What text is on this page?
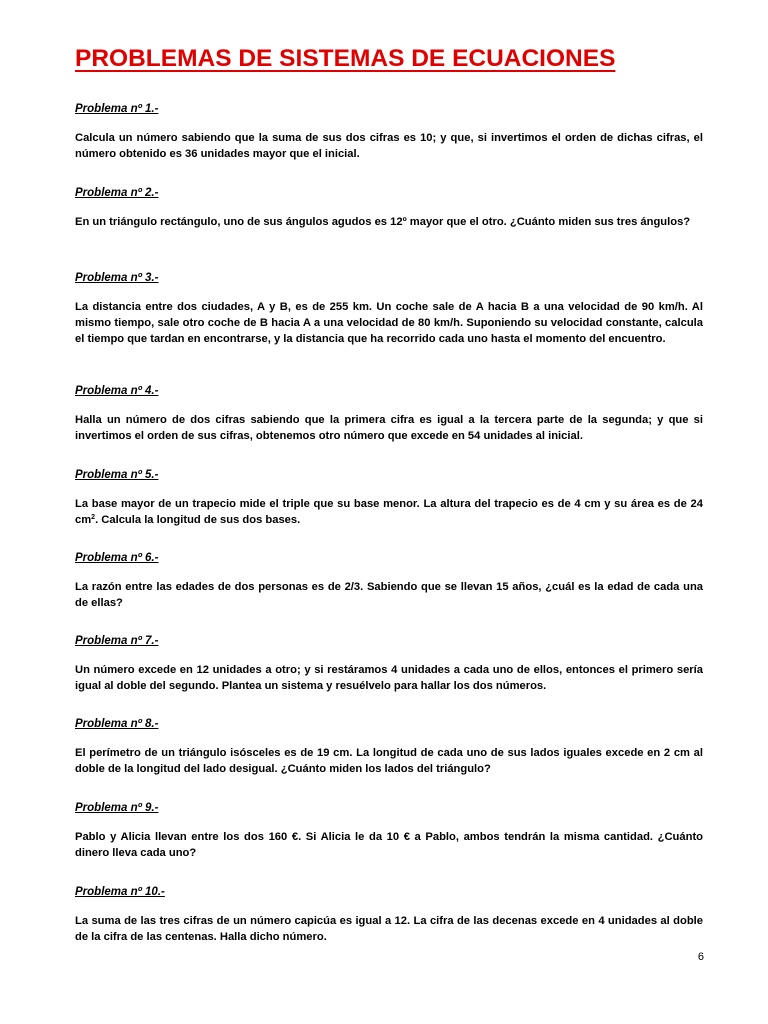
PROBLEMAS DE SISTEMAS DE ECUACIONES
Problema nº 1.-

Calcula un número sabiendo que la suma de sus dos cifras es 10; y que, si invertimos el orden de dichas cifras, el número obtenido es 36 unidades mayor que el inicial.

Problema nº 2.-

En un triángulo rectángulo, uno de sus ángulos agudos es 12º mayor que el otro. ¿Cuánto miden sus tres ángulos?

Problema nº 3.-

La distancia entre dos ciudades, A y B, es de 255 km. Un coche sale de A hacia B a una velocidad de 90 km/h. Al mismo tiempo, sale otro coche de B hacia A a una velocidad de 80 km/h. Suponiendo su velocidad constante, calcula el tiempo que tardan en encontrarse, y la distancia que ha recorrido cada uno hasta el momento del encuentro.

Problema nº 4.-

Halla un número de dos cifras sabiendo que la primera cifra es igual a la tercera parte de la segunda; y que si invertimos el orden de sus cifras, obtenemos otro número que excede en 54 unidades al inicial.

Problema nº 5.-

La base mayor de un trapecio mide el triple que su base menor. La altura del trapecio es de 4 cm y su área es de 24 $cm^2$. Calcula la longitud de sus dos bases.

Problema nº 6.-

La razón entre las edades de dos personas es de 2/3. Sabiendo que se llevan 15 años, ¿cuál es la edad de cada una de ellas?

Problema nº 7.-

Un número excede en 12 unidades a otro; y si restáramos 4 unidades a cada uno de ellos, entonces el primero sería igual al doble del segundo. Plantea un sistema y resuélvelo para hallar los dos números.

Problema nº 8.-

El perímetro de un triángulo isósceles es de 19 cm. La longitud de cada uno de sus lados iguales excede en 2 cm al doble de la longitud del lado desigual. ¿Cuánto miden los lados del triángulo?

Problema nº 9.-

Pablo y Alicia llevan entre los dos 160 €. Si Alicia le da 10 € a Pablo, ambos tendrán la misma cantidad. ¿Cuánto dinero lleva cada uno?

Problema nº 10.-

La suma de las tres cifras de un número capicúa es igual a 12. La cifra de las decenas excede en 4 unidades al doble de la cifra de las centenas. Halla dicho número.

6
